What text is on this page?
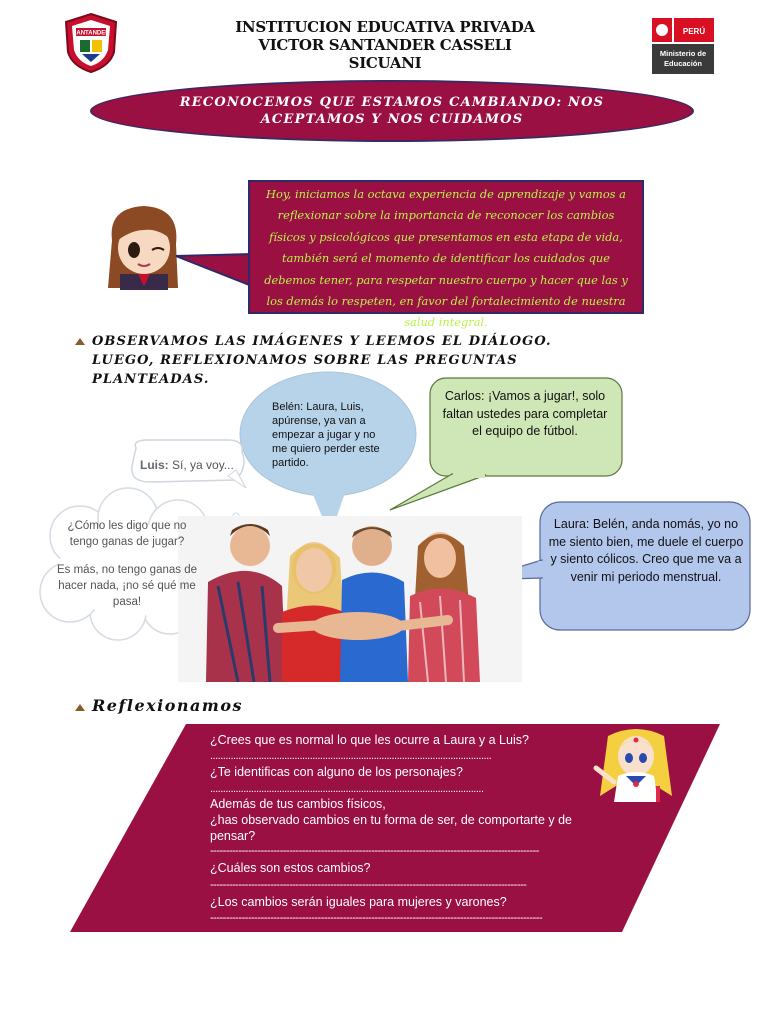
SANTANDER	INSTITUCION EDUCATIVA PRIVADA
VICTOR SANTANDER CASSELI
SICUANI
PERÚ
Ministerio de
Educación
RECONOCEMOS QUE ESTAMOS CAMBIANDO: NOS ACEPTAMOS Y NOS CUIDAMOS
Hoy, iniciamos la octava experiencia de aprendizaje y vamos a reflexionar sobre la importancia de reconocer los cambios físicos y psicológicos que presentamos en esta etapa de vida, también será el momento de identificar los cuidados que debemos tener, para respetar nuestro cuerpo y hacer que las y los demás lo respeten, en favor del fortalecimiento de nuestra salud integral.
OBSERVAMOS LAS IMÁGENES Y LEEMOS EL DIÁLOGO. LUEGO, REFLEXIONAMOS SOBRE LAS PREGUNTAS PLANTEADAS.
Belén: Laura, Luis, apúrense, ya van a empezar a jugar y no me quiero perder este partido.
Carlos: ¡Vamos a jugar!, solo faltan ustedes para completar el equipo de fútbol.
Luis: Sí, ya voy...
¿Cómo les digo que no tengo ganas de jugar?
Es más, no tengo ganas de hacer nada, ¡no sé qué me pasa!
Laura: Belén, anda nomás, yo no me siento bien, me duele el cuerpo y siento cólicos. Creo que me va a venir mi periodo menstrual.
Reflexionamos
¿Crees que es normal lo que les ocurre a Laura y a Luis?
..............................................................................................................
¿Te identificas con alguno de los personajes?
...........................................................................................................
Además de tus cambios físicos,
¿has observado cambios en tu forma de ser, de comportarte y de pensar?
--------------------------------------------------------------------------------------------------------
¿Cuáles son estos cambios?
----------------------------------------------------------------------------------------------------
¿Los cambios serán iguales para mujeres y varones?
---------------------------------------------------------------------------------------------------------
